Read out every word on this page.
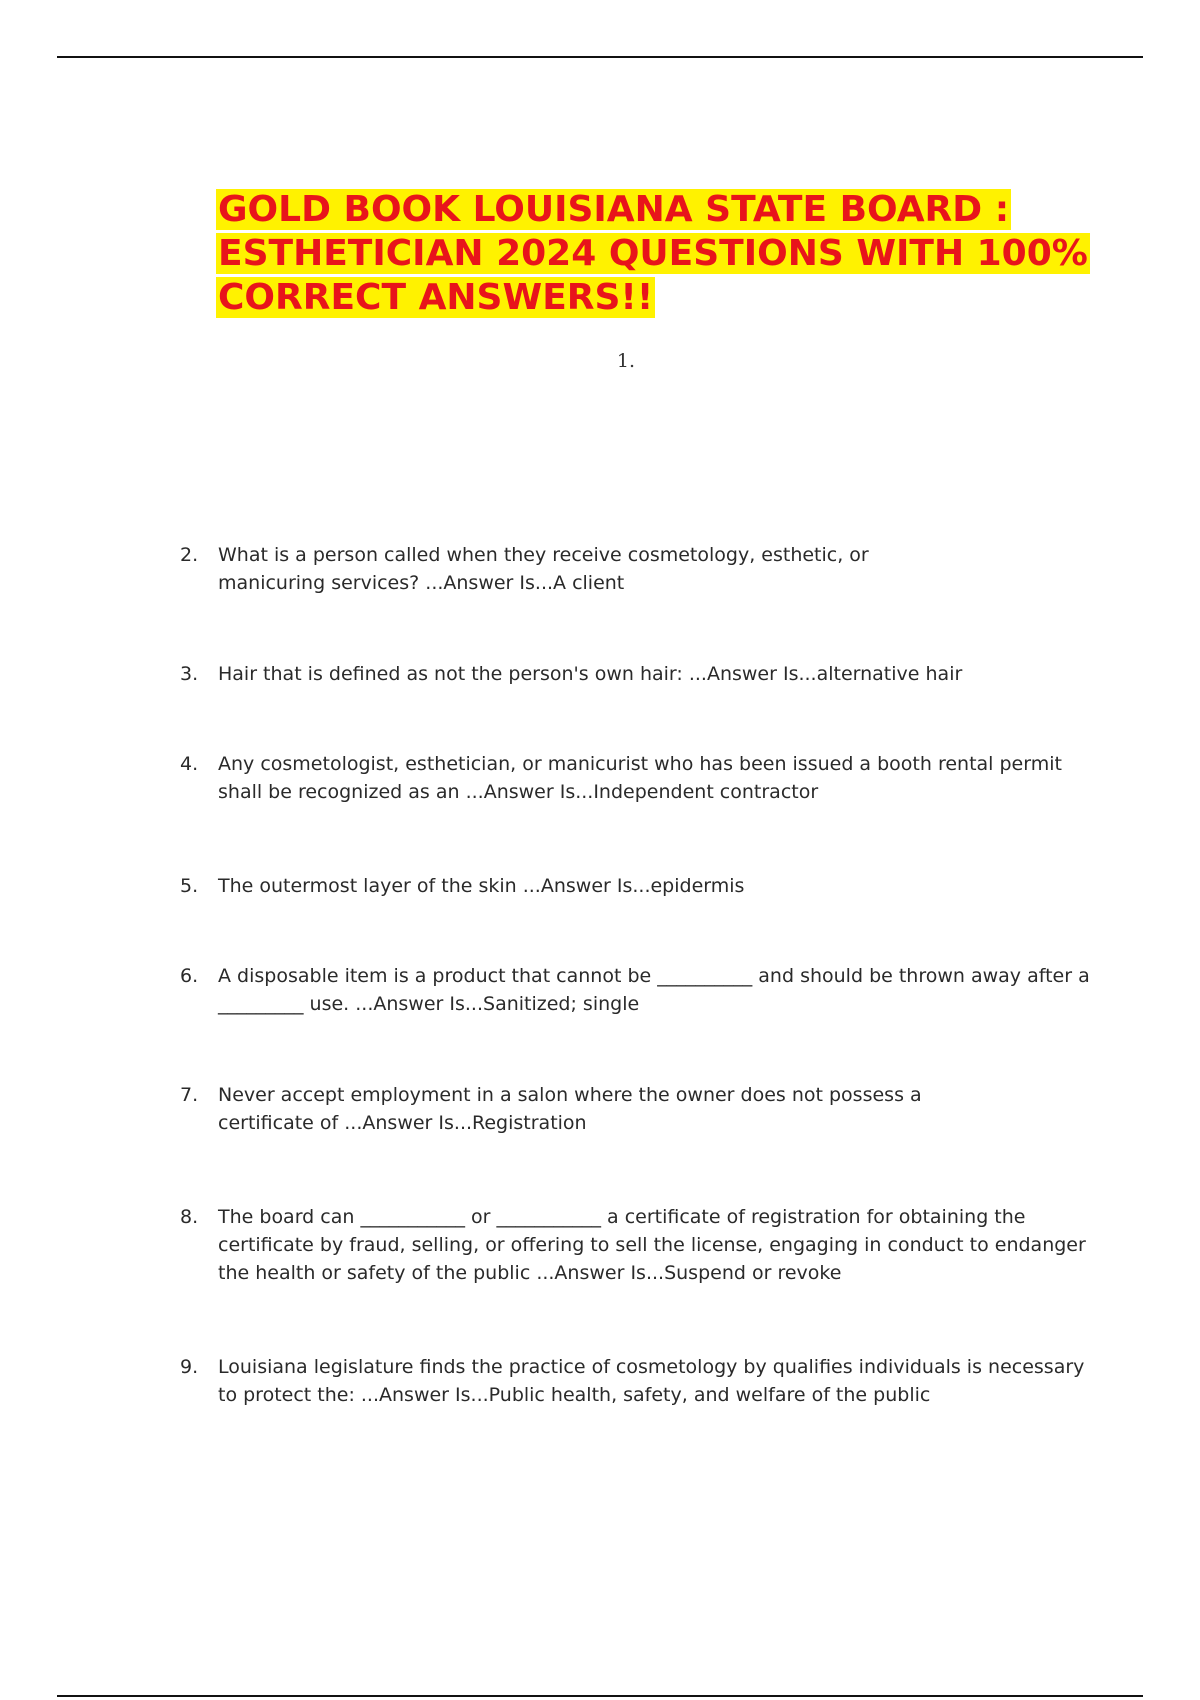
GOLD BOOK LOUISIANA STATE BOARD : ESTHETICIAN 2024 QUESTIONS WITH 100% CORRECT ANSWERS!!
1.
2.	What is a person called when they receive cosmetology, esthetic, or manicuring services? ...Answer Is...A client
3.	Hair that is defined as not the person's own hair: ...Answer Is...alternative hair
4.	Any cosmetologist, esthetician, or manicurist who has been issued a booth rental permit shall be recognized as an ...Answer Is...Independent contractor
5.	The outermost layer of the skin ...Answer Is...epidermis
6.	A disposable item is a product that cannot be __________ and should be thrown away after a _________ use. ...Answer Is...Sanitized; single
7.	Never accept employment in a salon where the owner does not possess a certificate of ...Answer Is...Registration
8.	The board can ___________ or ___________ a certificate of registration for obtaining the certificate by fraud, selling, or offering to sell the license, engaging in conduct to endanger the health or safety of the public ...Answer Is...Suspend or revoke
9.	Louisiana legislature finds the practice of cosmetology by qualifies individuals is necessary to protect the: ...Answer Is...Public health, safety, and welfare of the public
